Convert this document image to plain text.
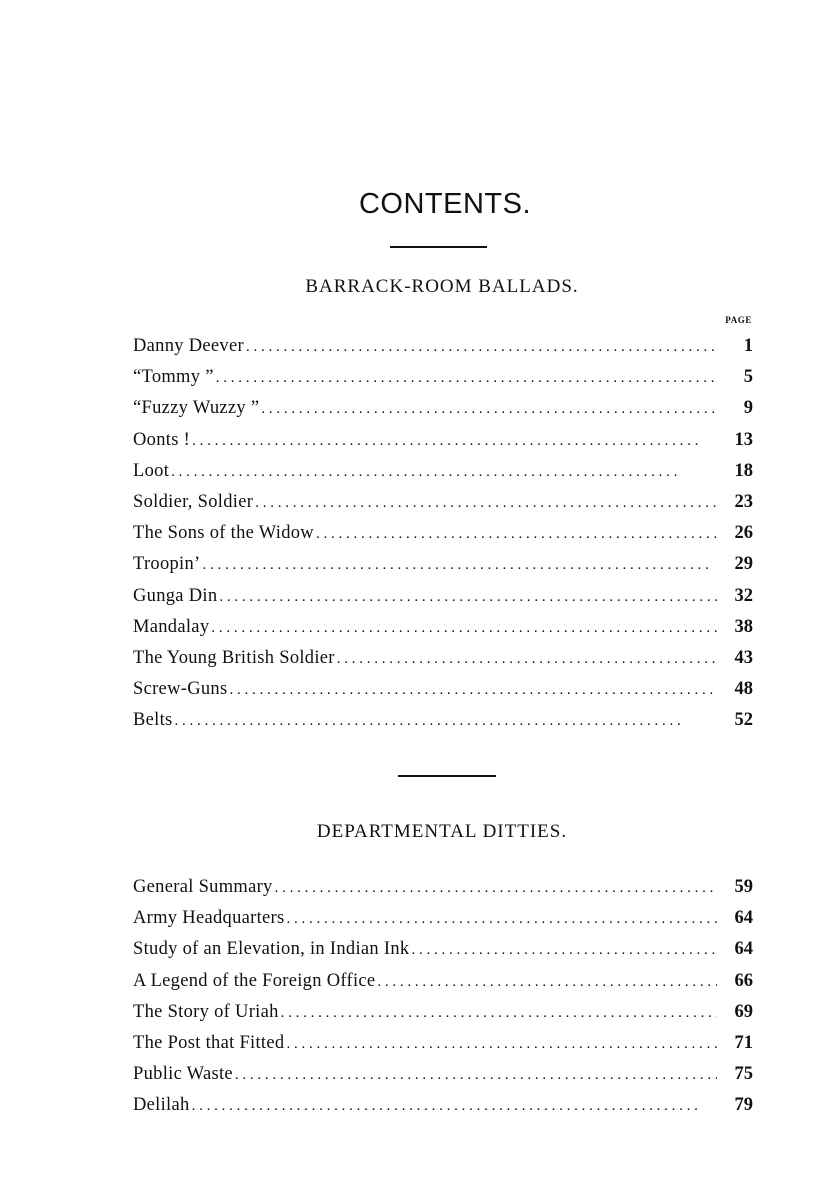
CONTENTS.
BARRACK-ROOM BALLADS.
PAGE
Danny Deever . . .	1
“Tommy ” . . .	5
“Fuzzy Wuzzy ” . . .	9
Oonts ! . . .	13
Loot . . .	18
Soldier, Soldier . . .	23
The Sons of the Widow . . .	26
Troopin’ . . .	29
Gunga Din . . .	32
Mandalay . . .	38
The Young British Soldier . . .	43
Screw-Guns . . .	48
Belts . . .	52
DEPARTMENTAL DITTIES.
General Summary . . .	59
Army Headquarters . . .	64
Study of an Elevation, in Indian Ink . . .	64
A Legend of the Foreign Office . . .	66
The Story of Uriah . . .	69
The Post that Fitted . . .	71
Public Waste . . .	75
Delilah . . .	79
